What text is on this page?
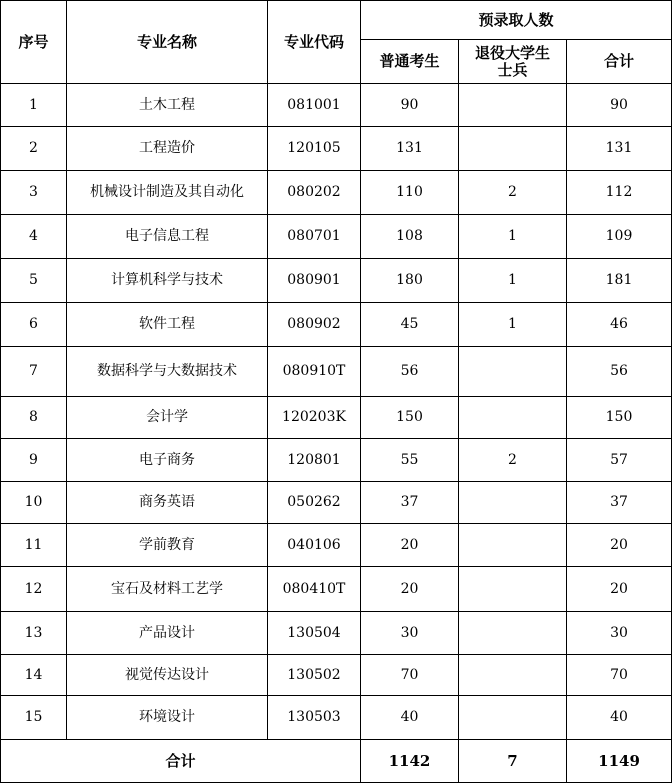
序号	专业名称	专业代码	预录取人数		
			普通考生	退役大学生士兵	合计
1	土木工程	081001	90		90
2	工程造价	120105	131		131
3	机械设计制造及其自动化	080202	110	2	112
4	电子信息工程	080701	108	1	109
5	计算机科学与技术	080901	180	1	181
6	软件工程	080902	45	1	46
7	数据科学与大数据技术	080910T	56		56
8	会计学	120203K	150		150
9	电子商务	120801	55	2	57
10	商务英语	050262	37		37
11	学前教育	040106	20		20
12	宝石及材料工艺学	080410T	20		20
13	产品设计	130504	30		30
14	视觉传达设计	130502	70		70
15	环境设计	130503	40		40
合计			1142	7	1149
